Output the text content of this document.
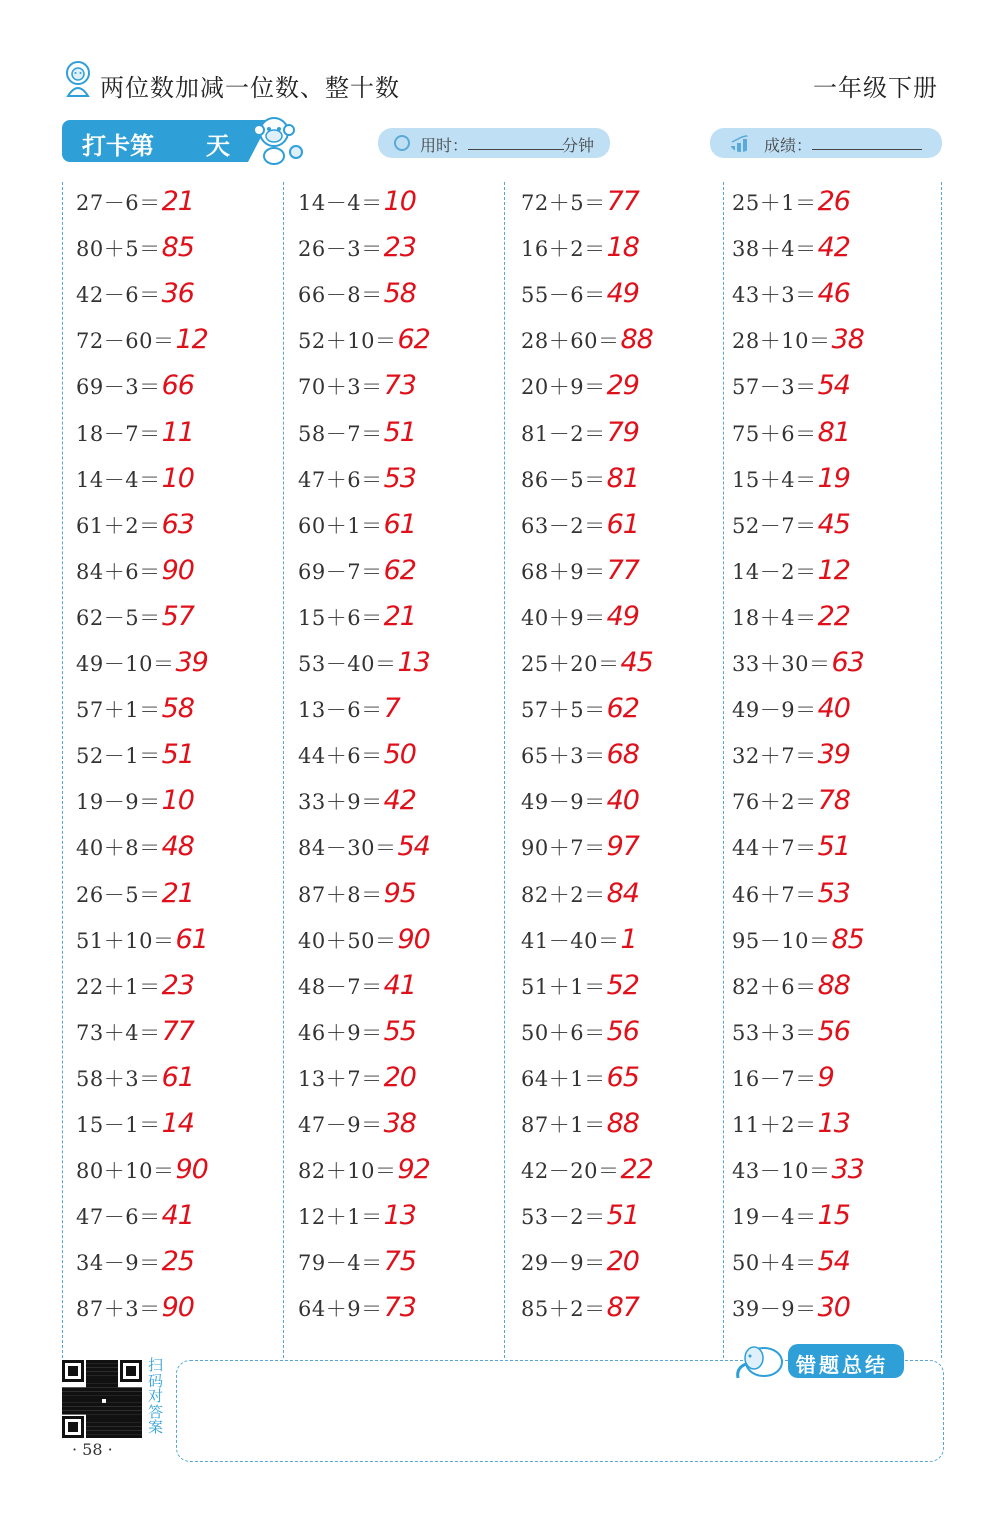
两位数加减一位数、整十数	一年级下册
打卡第 天	用时：	分钟	成绩：
27－6＝21
80＋5＝85
42－6＝36
72－60＝12
69－3＝66
18－7＝11
14－4＝10
61＋2＝63
84＋6＝90
62－5＝57
49－10＝39
57＋1＝58
52－1＝51
19－9＝10
40＋8＝48
26－5＝21
51＋10＝61
22＋1＝23
73＋4＝77
58＋3＝61
15－1＝14
80＋10＝90
47－6＝41
34－9＝25
87＋3＝90
14－4＝10
26－3＝23
66－8＝58
52＋10＝62
70＋3＝73
58－7＝51
47＋6＝53
60＋1＝61
69－7＝62
15＋6＝21
53－40＝13
13－6＝7
44＋6＝50
33＋9＝42
84－30＝54
87＋8＝95
40＋50＝90
48－7＝41
46＋9＝55
13＋7＝20
47－9＝38
82＋10＝92
12＋1＝13
79－4＝75
64＋9＝73
72＋5＝77
16＋2＝18
55－6＝49
28＋60＝88
20＋9＝29
81－2＝79
86－5＝81
63－2＝61
68＋9＝77
40＋9＝49
25＋20＝45
57＋5＝62
65＋3＝68
49－9＝40
90＋7＝97
82＋2＝84
41－40＝1
51＋1＝52
50＋6＝56
64＋1＝65
87＋1＝88
42－20＝22
53－2＝51
29－9＝20
85＋2＝87
25＋1＝26
38＋4＝42
43＋3＝46
28＋10＝38
57－3＝54
75＋6＝81
15＋4＝19
52－7＝45
14－2＝12
18＋4＝22
33＋30＝63
49－9＝40
32＋7＝39
76＋2＝78
44＋7＝51
46＋7＝53
95－10＝85
82＋6＝88
53＋3＝56
16－7＝9
11＋2＝13
43－10＝33
19－4＝15
50＋4＝54
39－9＝30
错题总结
扫码对答案
· 58 ·
